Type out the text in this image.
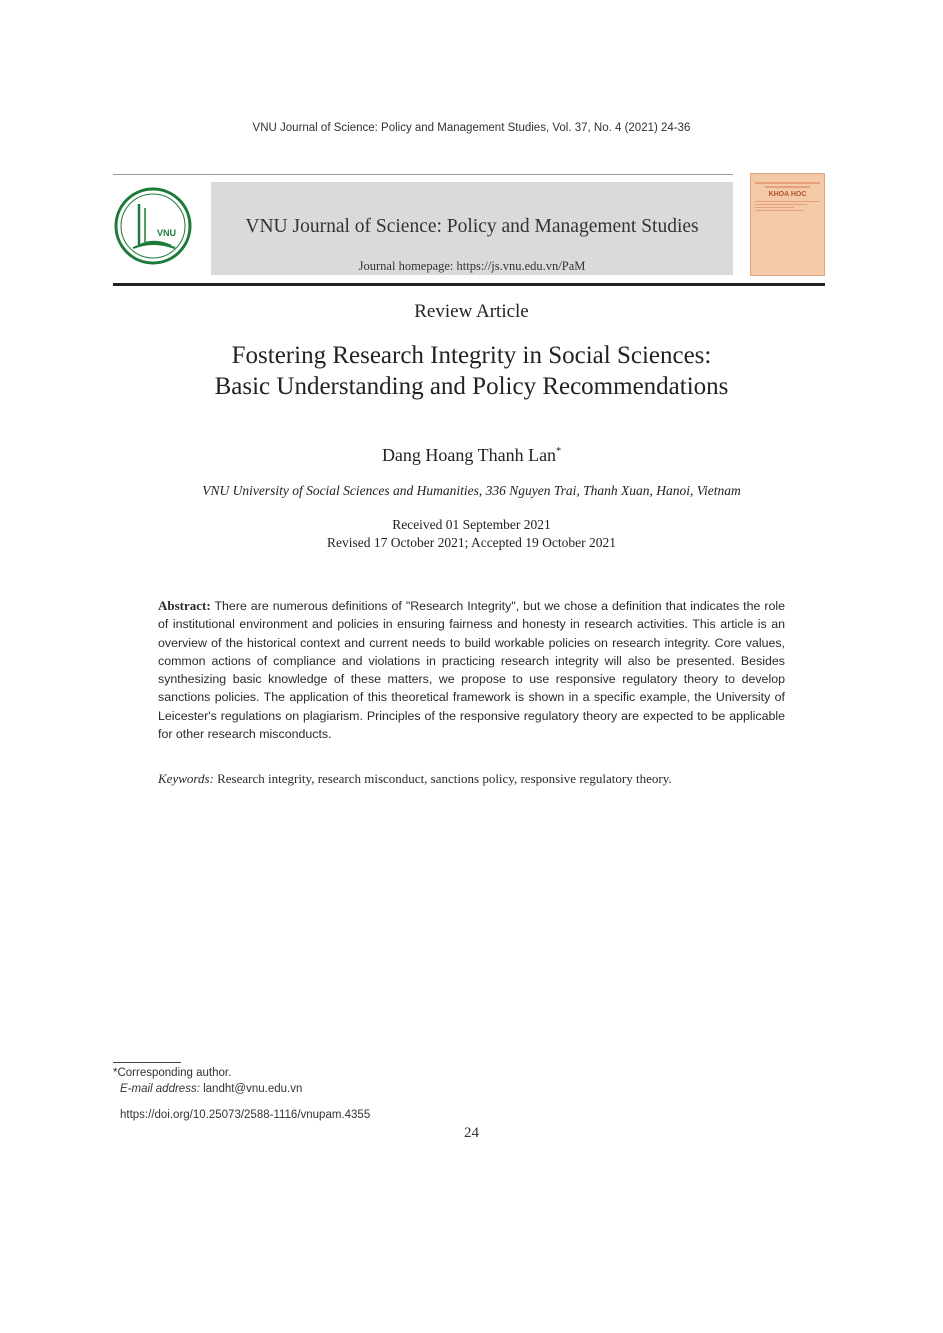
VNU Journal of Science: Policy and Management Studies, Vol. 37, No. 4 (2021) 24-36
VNU	VNU Journal of Science: Policy and Management Studies
Journal homepage: https://js.vnu.edu.vn/PaM
KHOA HOC
Review Article
Fostering Research Integrity in Social Sciences:
Basic Understanding and Policy Recommendations
Dang Hoang Thanh Lan*
VNU University of Social Sciences and Humanities, 336 Nguyen Trai, Thanh Xuan, Hanoi, Vietnam
Received 01 September 2021
Revised 17 October 2021; Accepted 19 October 2021
Abstract: There are numerous definitions of "Research Integrity", but we chose a definition that indicates the role of institutional environment and policies in ensuring fairness and honesty in research activities. This article is an overview of the historical context and current needs to build workable policies on research integrity. Core values, common actions of compliance and violations in practicing research integrity will also be presented. Besides synthesizing basic knowledge of these matters, we propose to use responsive regulatory theory to develop sanctions policies. The application of this theoretical framework is shown in a specific example, the University of Leicester's regulations on plagiarism. Principles of the responsive regulatory theory are expected to be applicable for other research misconducts.
Keywords: Research integrity, research misconduct, sanctions policy, responsive regulatory theory.
*Corresponding author.
E-mail address: landht@vnu.edu.vn
https://doi.org/10.25073/2588-1116/vnupam.4355
24
